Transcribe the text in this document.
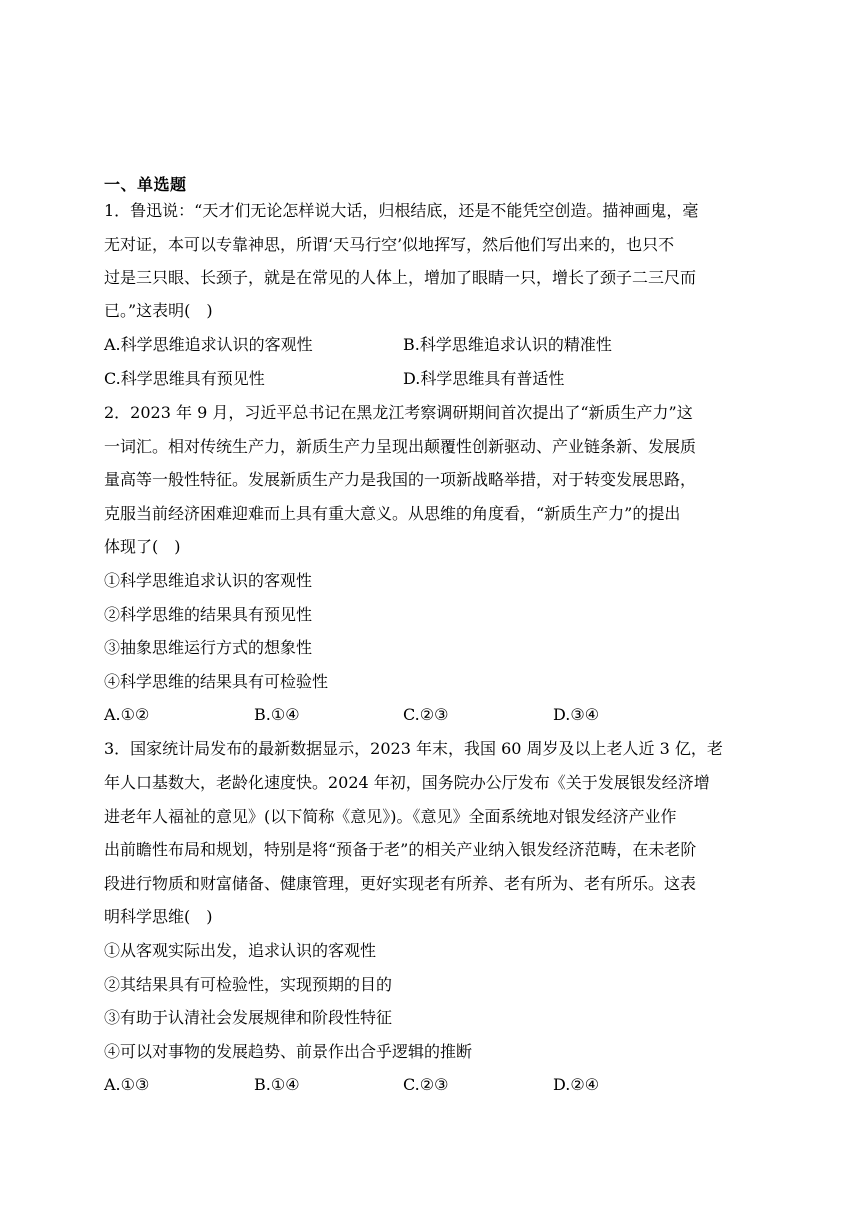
一、单选题
1．鲁迅说：“天才们无论怎样说大话，归根结底，还是不能凭空创造。描神画鬼，毫
无对证，本可以专靠神思，所谓‘天马行空’似地挥写，然后他们写出来的，也只不
过是三只眼、长颈子，就是在常见的人体上，增加了眼睛一只，增长了颈子二三尺而
已。”这表明(　)
A.科学思维追求认识的客观性	B.科学思维追求认识的精准性
C.科学思维具有预见性	D.科学思维具有普适性
2．2023 年 9 月，习近平总书记在黑龙江考察调研期间首次提出了“新质生产力”这
一词汇。相对传统生产力，新质生产力呈现出颠覆性创新驱动、产业链条新、发展质
量高等一般性特征。发展新质生产力是我国的一项新战略举措，对于转变发展思路，
克服当前经济困难迎难而上具有重大意义。从思维的角度看，“新质生产力”的提出
体现了(　)
①科学思维追求认识的客观性
②科学思维的结果具有预见性
③抽象思维运行方式的想象性
④科学思维的结果具有可检验性
A.①②	B.①④	C.②③	D.③④
3．国家统计局发布的最新数据显示，2023 年末，我国 60 周岁及以上老人近 3 亿，老
年人口基数大，老龄化速度快。2024 年初，国务院办公厅发布《关于发展银发经济增
进老年人福祉的意见》(以下简称《意见》)。《意见》全面系统地对银发经济产业作
出前瞻性布局和规划，特别是将“预备于老”的相关产业纳入银发经济范畴，在未老阶
段进行物质和财富储备、健康管理，更好实现老有所养、老有所为、老有所乐。这表
明科学思维(　)
①从客观实际出发，追求认识的客观性
②其结果具有可检验性，实现预期的目的
③有助于认清社会发展规律和阶段性特征
④可以对事物的发展趋势、前景作出合乎逻辑的推断
A.①③	B.①④	C.②③	D.②④
